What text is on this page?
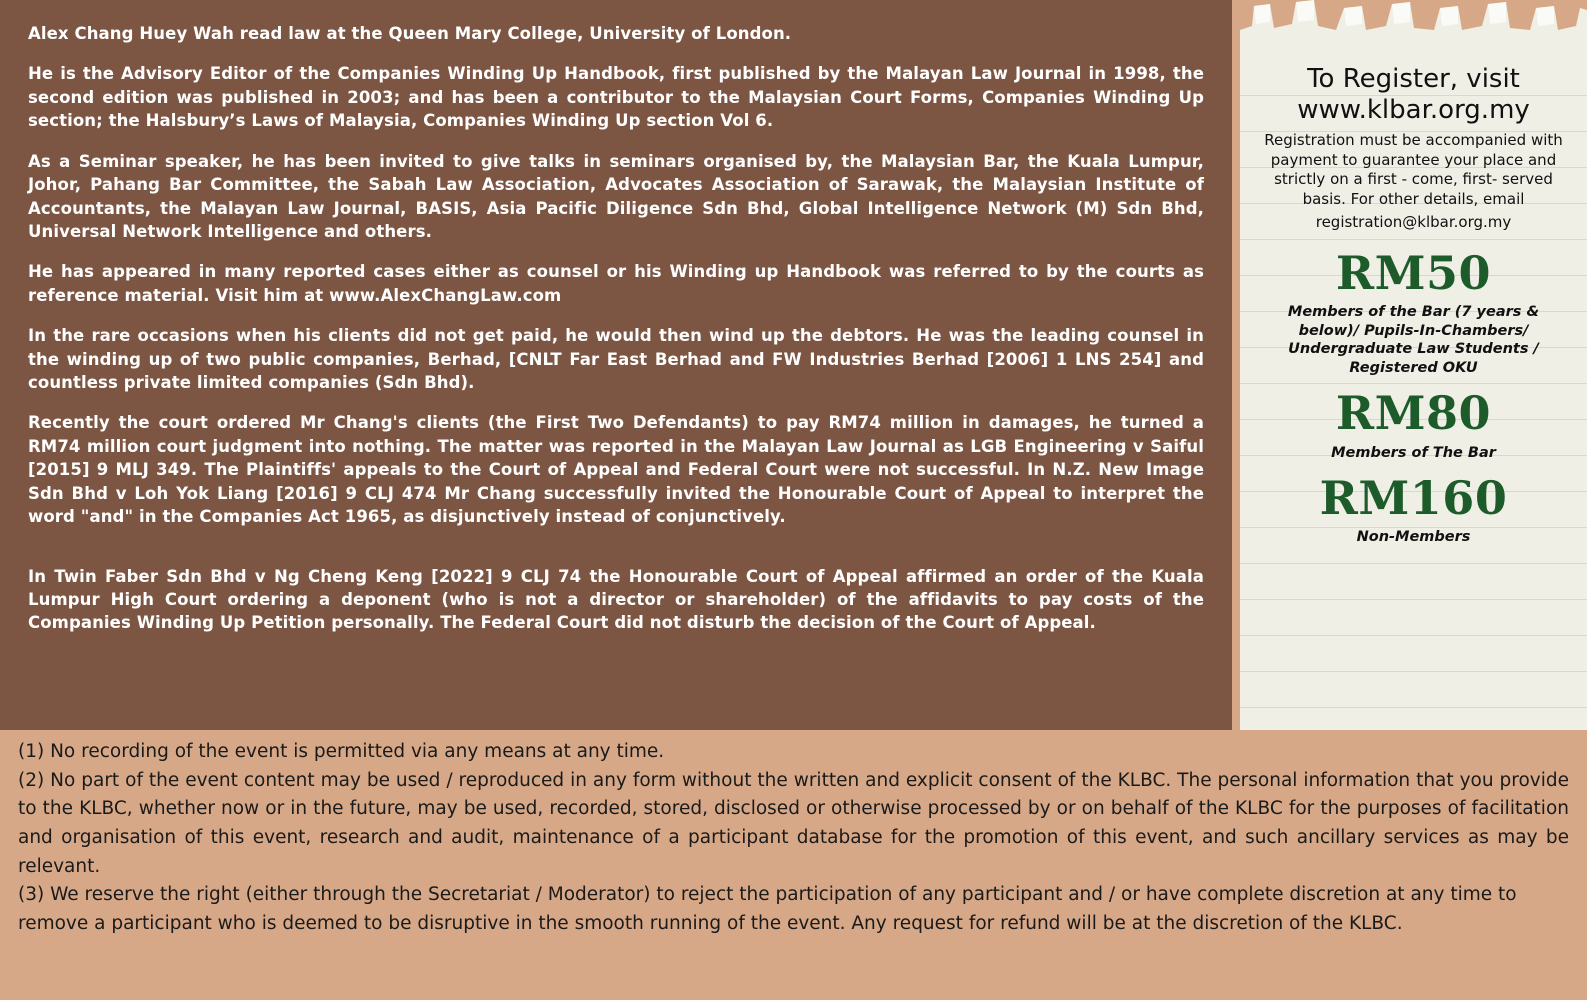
Alex Chang Huey Wah read law at the Queen Mary College, University of London.

He is the Advisory Editor of the Companies Winding Up Handbook, first published by the Malayan Law Journal in 1998, the second edition was published in 2003; and has been a contributor to the Malaysian Court Forms, Companies Winding Up section; the Halsbury’s Laws of Malaysia, Companies Winding Up section Vol 6.

As a Seminar speaker, he has been invited to give talks in seminars organised by, the Malaysian Bar, the Kuala Lumpur, Johor, Pahang Bar Committee, the Sabah Law Association, Advocates Association of Sarawak, the Malaysian Institute of Accountants, the Malayan Law Journal, BASIS, Asia Pacific Diligence Sdn Bhd, Global Intelligence Network (M) Sdn Bhd, Universal Network Intelligence and others.

He has appeared in many reported cases either as counsel or his Winding up Handbook was referred to by the courts as reference material. Visit him at www.AlexChangLaw.com

In the rare occasions when his clients did not get paid, he would then wind up the debtors. He was the leading counsel in the winding up of two public companies, Berhad, [CNLT Far East Berhad and FW Industries Berhad [2006] 1 LNS 254] and countless private limited companies (Sdn Bhd).

Recently the court ordered Mr Chang's clients (the First Two Defendants) to pay RM74 million in damages, he turned a RM74 million court judgment into nothing. The matter was reported in the Malayan Law Journal as LGB Engineering v Saiful [2015] 9 MLJ 349. The Plaintiffs' appeals to the Court of Appeal and Federal Court were not successful. In N.Z. New Image Sdn Bhd v Loh Yok Liang [2016] 9 CLJ 474 Mr Chang successfully invited the Honourable Court of Appeal to interpret the word "and" in the Companies Act 1965, as disjunctively instead of conjunctively.

In Twin Faber Sdn Bhd v Ng Cheng Keng [2022] 9 CLJ 74 the Honourable Court of Appeal affirmed an order of the Kuala Lumpur High Court ordering a deponent (who is not a director or shareholder) of the affidavits to pay costs of the Companies Winding Up Petition personally. The Federal Court did not disturb the decision of the Court of Appeal.

To Register, visit www.klbar.org.my
Registration must be accompanied with payment to guarantee your place and strictly on a first - come, first- served basis. For other details, email
registration@klbar.org.my
RM50
Members of the Bar (7 years & below)/ Pupils-In-Chambers/ Undergraduate Law Students / Registered OKU
RM80
Members of The Bar
RM160
Non-Members

(1) No recording of the event is permitted via any means at any time.

(2) No part of the event content may be used / reproduced in any form without the written and explicit consent of the KLBC. The personal information that you provide to the KLBC, whether now or in the future, may be used, recorded, stored, disclosed or otherwise processed by or on behalf of the KLBC for the purposes of facilitation and organisation of this event, research and audit, maintenance of a participant database for the promotion of this event, and such ancillary services as may be relevant.

(3) We reserve the right (either through the Secretariat / Moderator) to reject the participation of any participant and / or have complete discretion at any time to remove a participant who is deemed to be disruptive in the smooth running of the event. Any request for refund will be at the discretion of the KLBC.
